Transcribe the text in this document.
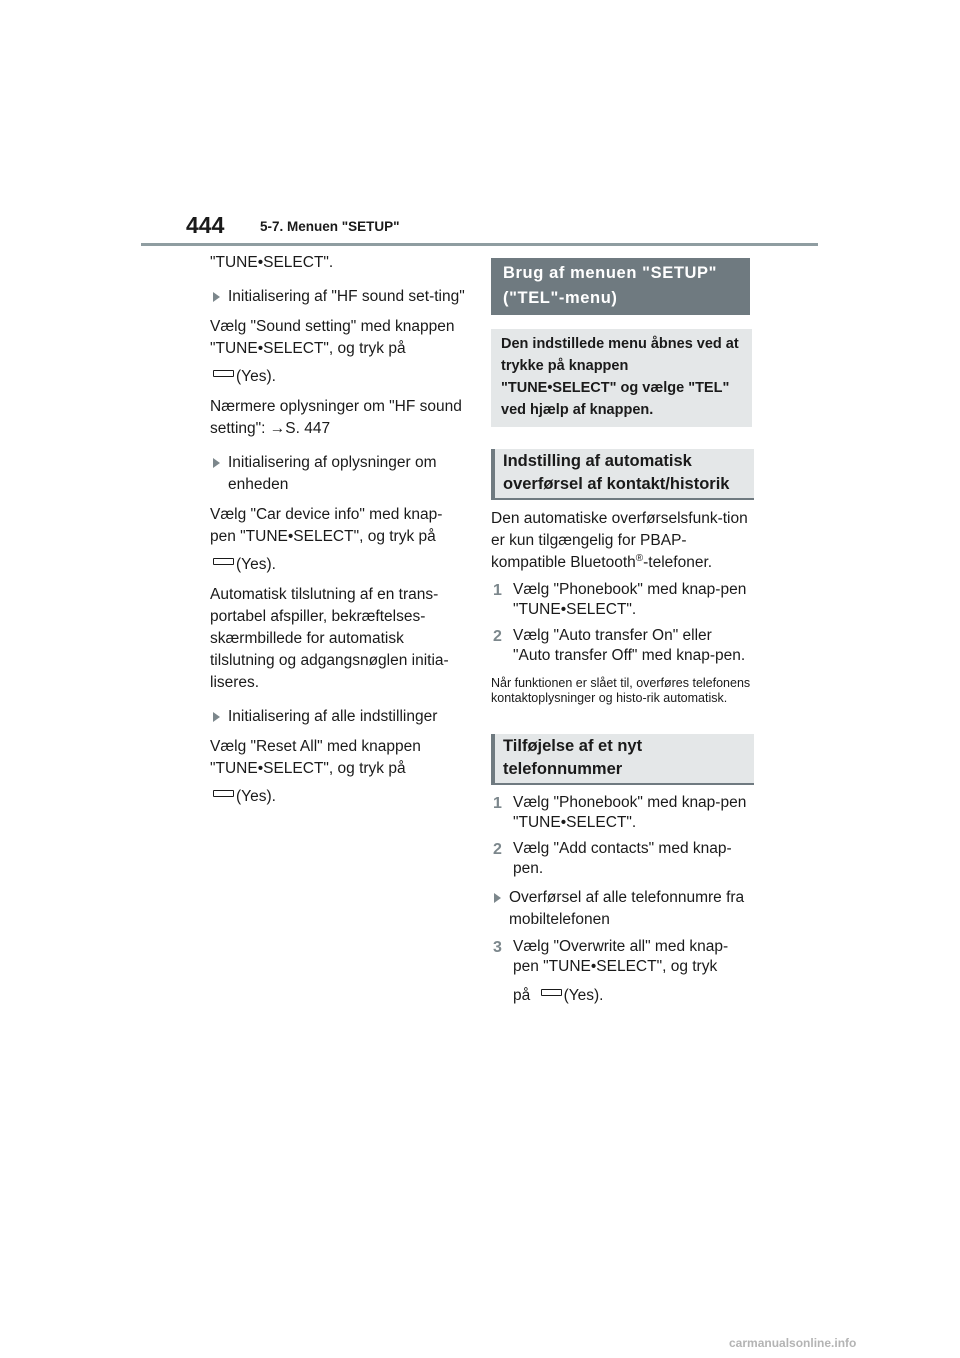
444	5-7. Menuen "SETUP"

"TUNE•SELECT".

Initialisering af "HF sound set-ting"

Vælg "Sound setting" med knappen "TUNE•SELECT", og tryk på

(Yes).

Nærmere oplysninger om "HF sound setting": →S. 447

Initialisering af oplysninger om enheden

Vælg "Car device info" med knap-pen "TUNE•SELECT", og tryk på

(Yes).

Automatisk tilslutning af en trans-portabel afspiller, bekræftelses-skærmbillede for automatisk tilslutning og adgangsnøglen initia-liseres.

Initialisering af alle indstillinger

Vælg "Reset All" med knappen "TUNE•SELECT", og tryk på

(Yes).

Brug af menuen "SETUP" ("TEL"-menu)
Den indstillede menu åbnes ved at trykke på knappen "TUNE•SELECT" og vælge "TEL" ved hjælp af knappen.
Indstilling af automatisk overførsel af kontakt/historik

Den automatiske overførselsfunk-tion er kun tilgængelig for PBAP-kompatible Bluetooth®-telefoner.

1 Vælg "Phonebook" med knap-pen "TUNE•SELECT".
2 Vælg "Auto transfer On" eller "Auto transfer Off" med knap-pen.

Når funktionen er slået til, overføres telefonens kontaktoplysninger og histo-rik automatisk.

Tilføjelse af et nyt telefonnummer
1 Vælg "Phonebook" med knap-pen "TUNE•SELECT".
2 Vælg "Add contacts" med knap-pen.
Overførsel af alle telefonnumre fra mobiltelefonen
3 Vælg "Overwrite all" med knap-pen "TUNE•SELECT", og tryk
på (Yes).
carmanualsonline.info
